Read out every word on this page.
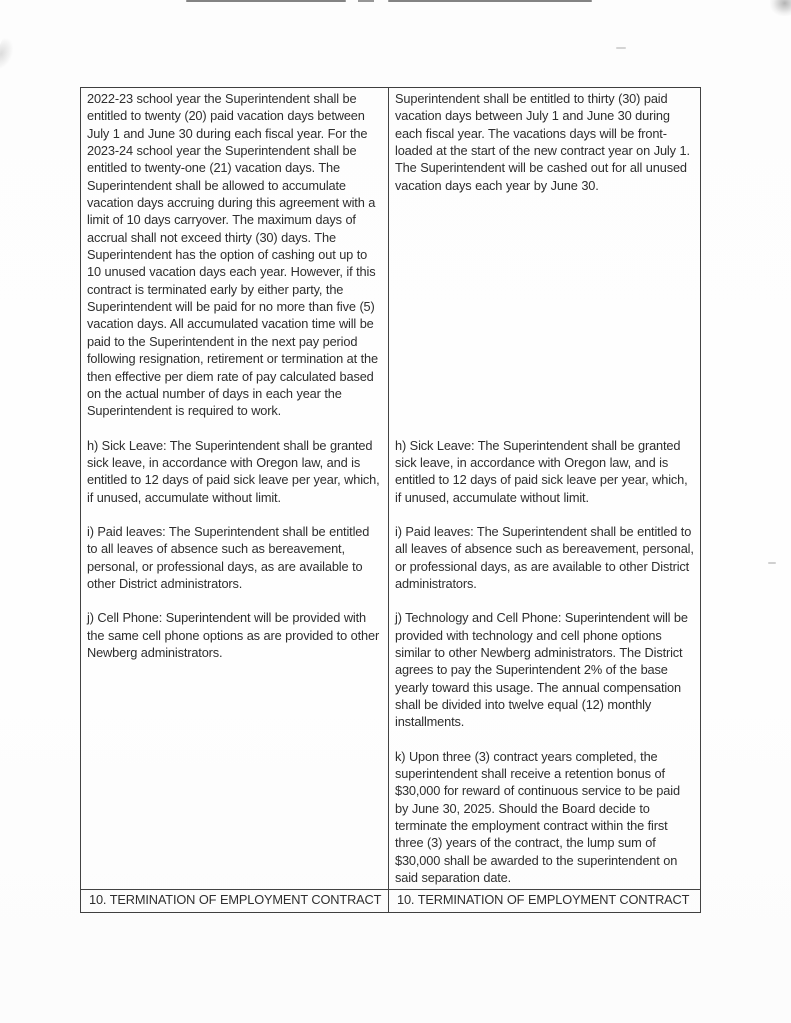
2022-23 school year the Superintendent shall be entitled to twenty (20) paid vacation days between July 1 and June 30 during each fiscal year. For the 2023-24 school year the Superintendent shall be entitled to twenty-one (21) vacation days. The Superintendent shall be allowed to accumulate vacation days accruing during this agreement with a limit of 10 days carryover. The maximum days of accrual shall not exceed thirty (30) days. The Superintendent has the option of cashing out up to 10 unused vacation days each year. However, if this contract is terminated early by either party, the Superintendent will be paid for no more than five (5) vacation days. All accumulated vacation time will be paid to the Superintendent in the next pay period following resignation, retirement or termination at the then effective per diem rate of pay calculated based on the actual number of days in each year the Superintendent is required to work.	Superintendent shall be entitled to thirty (30) paid vacation days between July 1 and June 30 during each fiscal year. The vacations days will be front-loaded at the start of the new contract year on July 1. The Superintendent will be cashed out for all unused vacation days each year by June 30.
h) Sick Leave: The Superintendent shall be granted sick leave, in accordance with Oregon law, and is entitled to 12 days of paid sick leave per year, which, if unused, accumulate without limit.	h) Sick Leave: The Superintendent shall be granted sick leave, in accordance with Oregon law, and is entitled to 12 days of paid sick leave per year, which, if unused, accumulate without limit.
i) Paid leaves: The Superintendent shall be entitled to all leaves of absence such as bereavement, personal, or professional days, as are available to other District administrators.	i) Paid leaves: The Superintendent shall be entitled to all leaves of absence such as bereavement, personal, or professional days, as are available to other District administrators.
j) Cell Phone: Superintendent will be provided with the same cell phone options as are provided to other Newberg administrators.	j) Technology and Cell Phone: Superintendent will be provided with technology and cell phone options similar to other Newberg administrators. The District agrees to pay the Superintendent 2% of the base yearly toward this usage. The annual compensation shall be divided into twelve equal (12) monthly installments.
	k) Upon three (3) contract years completed, the superintendent shall receive a retention bonus of $30,000 for reward of continuous service to be paid by June 30, 2025. Should the Board decide to terminate the employment contract within the first three (3) years of the contract, the lump sum of $30,000 shall be awarded to the superintendent on said separation date.
10. TERMINATION OF EMPLOYMENT CONTRACT	10. TERMINATION OF EMPLOYMENT CONTRACT
